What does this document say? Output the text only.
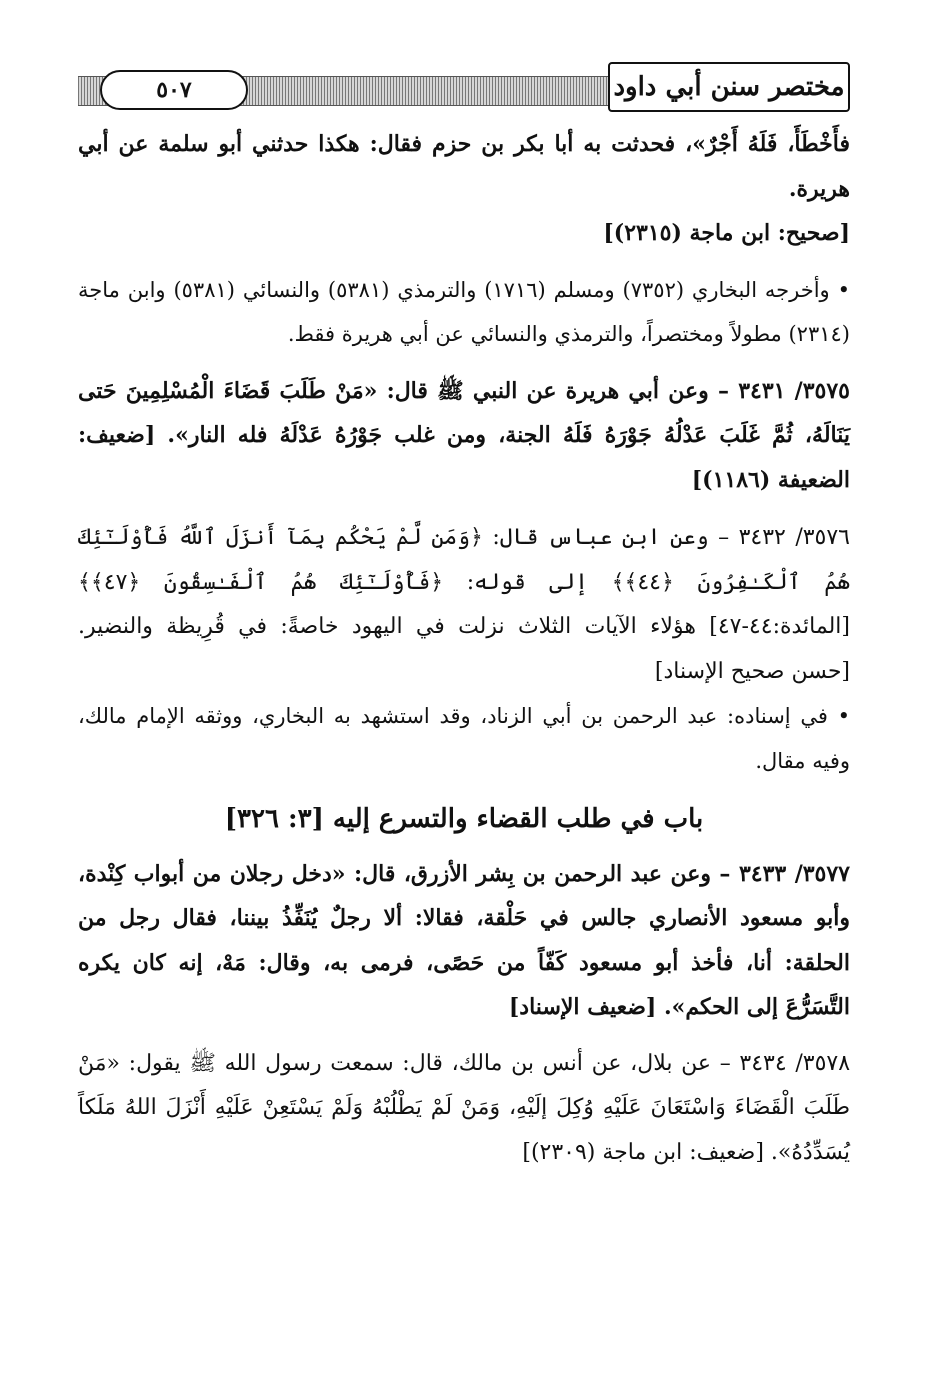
٥٠٧	مختصر سنن أبي داود

فأَخْطَأَ، فَلَهُ أَجْرٌ»، فحدثت به أبا بكر بن حزم فقال: هكذا حدثني أبو سلمة عن أبي هريرة.

[صحيح: ابن ماجة (٢٣١٥)]

• وأخرجه البخاري (٧٣٥٢) ومسلم (١٧١٦) والترمذي (٥٣٨١) والنسائي (٥٣٨١) وابن ماجة (٢٣١٤) مطولاً ومختصراً، والترمذي والنسائي عن أبي هريرة فقط.

٣٥٧٥/ ٣٤٣١ – وعن أبي هريرة عن النبي ﷺ قال: «مَنْ طَلَبَ قَضَاءَ الْمُسْلِمِينَ حَتى يَنَالَهُ، ثُمَّ غَلَبَ عَدْلُهُ جَوْرَهُ فَلَهُ الجنة، ومن غلب جَوْرُهُ عَدْلَهُ فله النار». [ضعيف: الضعيفة (١١٨٦)]

٣٥٧٦/ ٣٤٣٢ – وعن ابن عباس قال: ﴿وَمَن لَّمْ يَحْكُم بِمَآ أَنزَلَ ٱللَّهُ فَأُوْلَـٰٓئِكَ هُمُ ٱلْكَـٰفِرُونَ ﴿٤٤﴾﴾ إلى قوله: ﴿فَأُوْلَـٰٓئِكَ هُمُ ٱلْفَـٰسِقُونَ ﴿٤٧﴾﴾ [المائدة:٤٤-٤٧] هؤلاء الآيات الثلاث نزلت في اليهود خاصةً: في قُرِيظة والنضير. [حسن صحيح الإسناد]

• في إسناده: عبد الرحمن بن أبي الزناد، وقد استشهد به البخاري، ووثقه الإمام مالك، وفيه مقال.

باب في طلب القضاء والتسرع إليه [٣: ٣٢٦]

٣٥٧٧/ ٣٤٣٣ – وعن عبد الرحمن بن بِشر الأزرق، قال: «دخل رجلان من أبواب كِنْدة، وأبو مسعود الأنصاري جالس في حَلْقة، فقالا: ألا رجلٌ يُنَفِّذُ بيننا، فقال رجل من الحلقة: أنا، فأخذ أبو مسعود كَفّاً من حَصًى، فرمى به، وقال: مَهْ، إنه كان يكره التَّسَرُّعَ إلى الحكم». [ضعيف الإسناد]

٣٥٧٨/ ٣٤٣٤ – عن بلال، عن أنس بن مالك، قال: سمعت رسول الله ﷺ يقول: «مَنْ طَلَبَ الْقَضَاءَ وَاسْتَعَانَ عَلَيْهِ وُكِلَ إلَيْهِ، وَمَنْ لَمْ يَطْلُبْهُ وَلَمْ يَسْتَعِنْ عَلَيْهِ أَنْزَلَ اللهُ مَلَكاً يُسَدِّدُهُ». [ضعيف: ابن ماجة (٢٣٠٩)]
